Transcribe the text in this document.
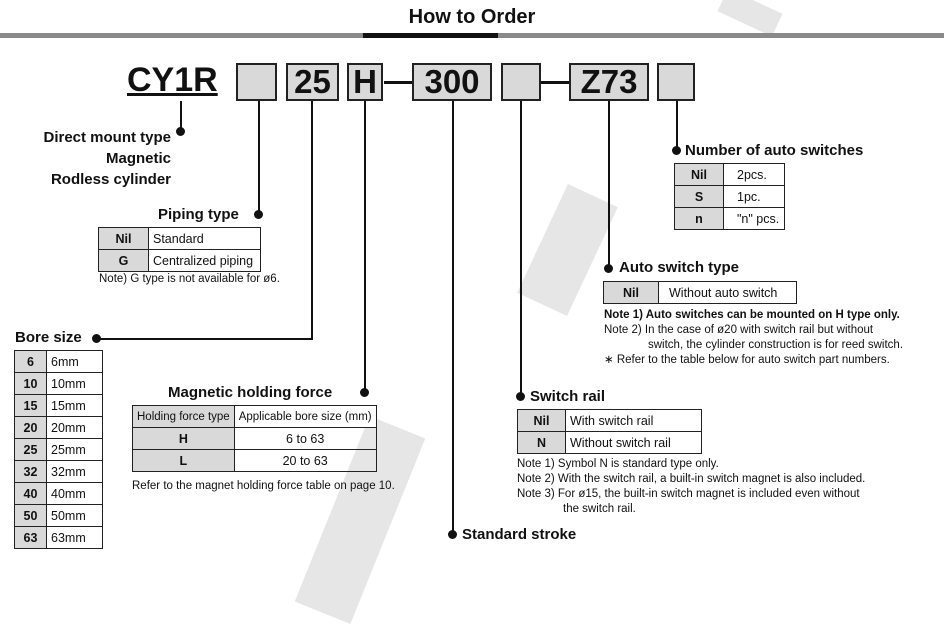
How to Order
CY1R 25 H	300	Z73
Direct mount type
Magnetic
Rodless cylinder
Piping type
Nil	Standard
G	Centralized piping
Note) G type is not available for ø6.
Bore size
6	6mm
10	10mm
15	15mm
20	20mm
25	25mm
32	32mm
40	40mm
50	50mm
63	63mm
Magnetic holding force
Holding force type	Applicable bore size (mm)
H	6 to 63
L	20 to 63
Refer to the magnet holding force table on page 10.
Standard stroke
Switch rail
Nil	With switch rail
N	Without switch rail
Note 1) Symbol N is standard type only.
Note 2) With the switch rail, a built-in switch magnet is also included.
Note 3) For ø15, the built-in switch magnet is included even without
the switch rail.
Auto switch type
Nil	Without auto switch
Note 1) Auto switches can be mounted on H type only.
Note 2) In the case of ø20 with switch rail but without
switch, the cylinder construction is for reed switch.
∗ Refer to the table below for auto switch part numbers.
Number of auto switches
Nil	2pcs.
S	1pc.
n	"n" pcs.
